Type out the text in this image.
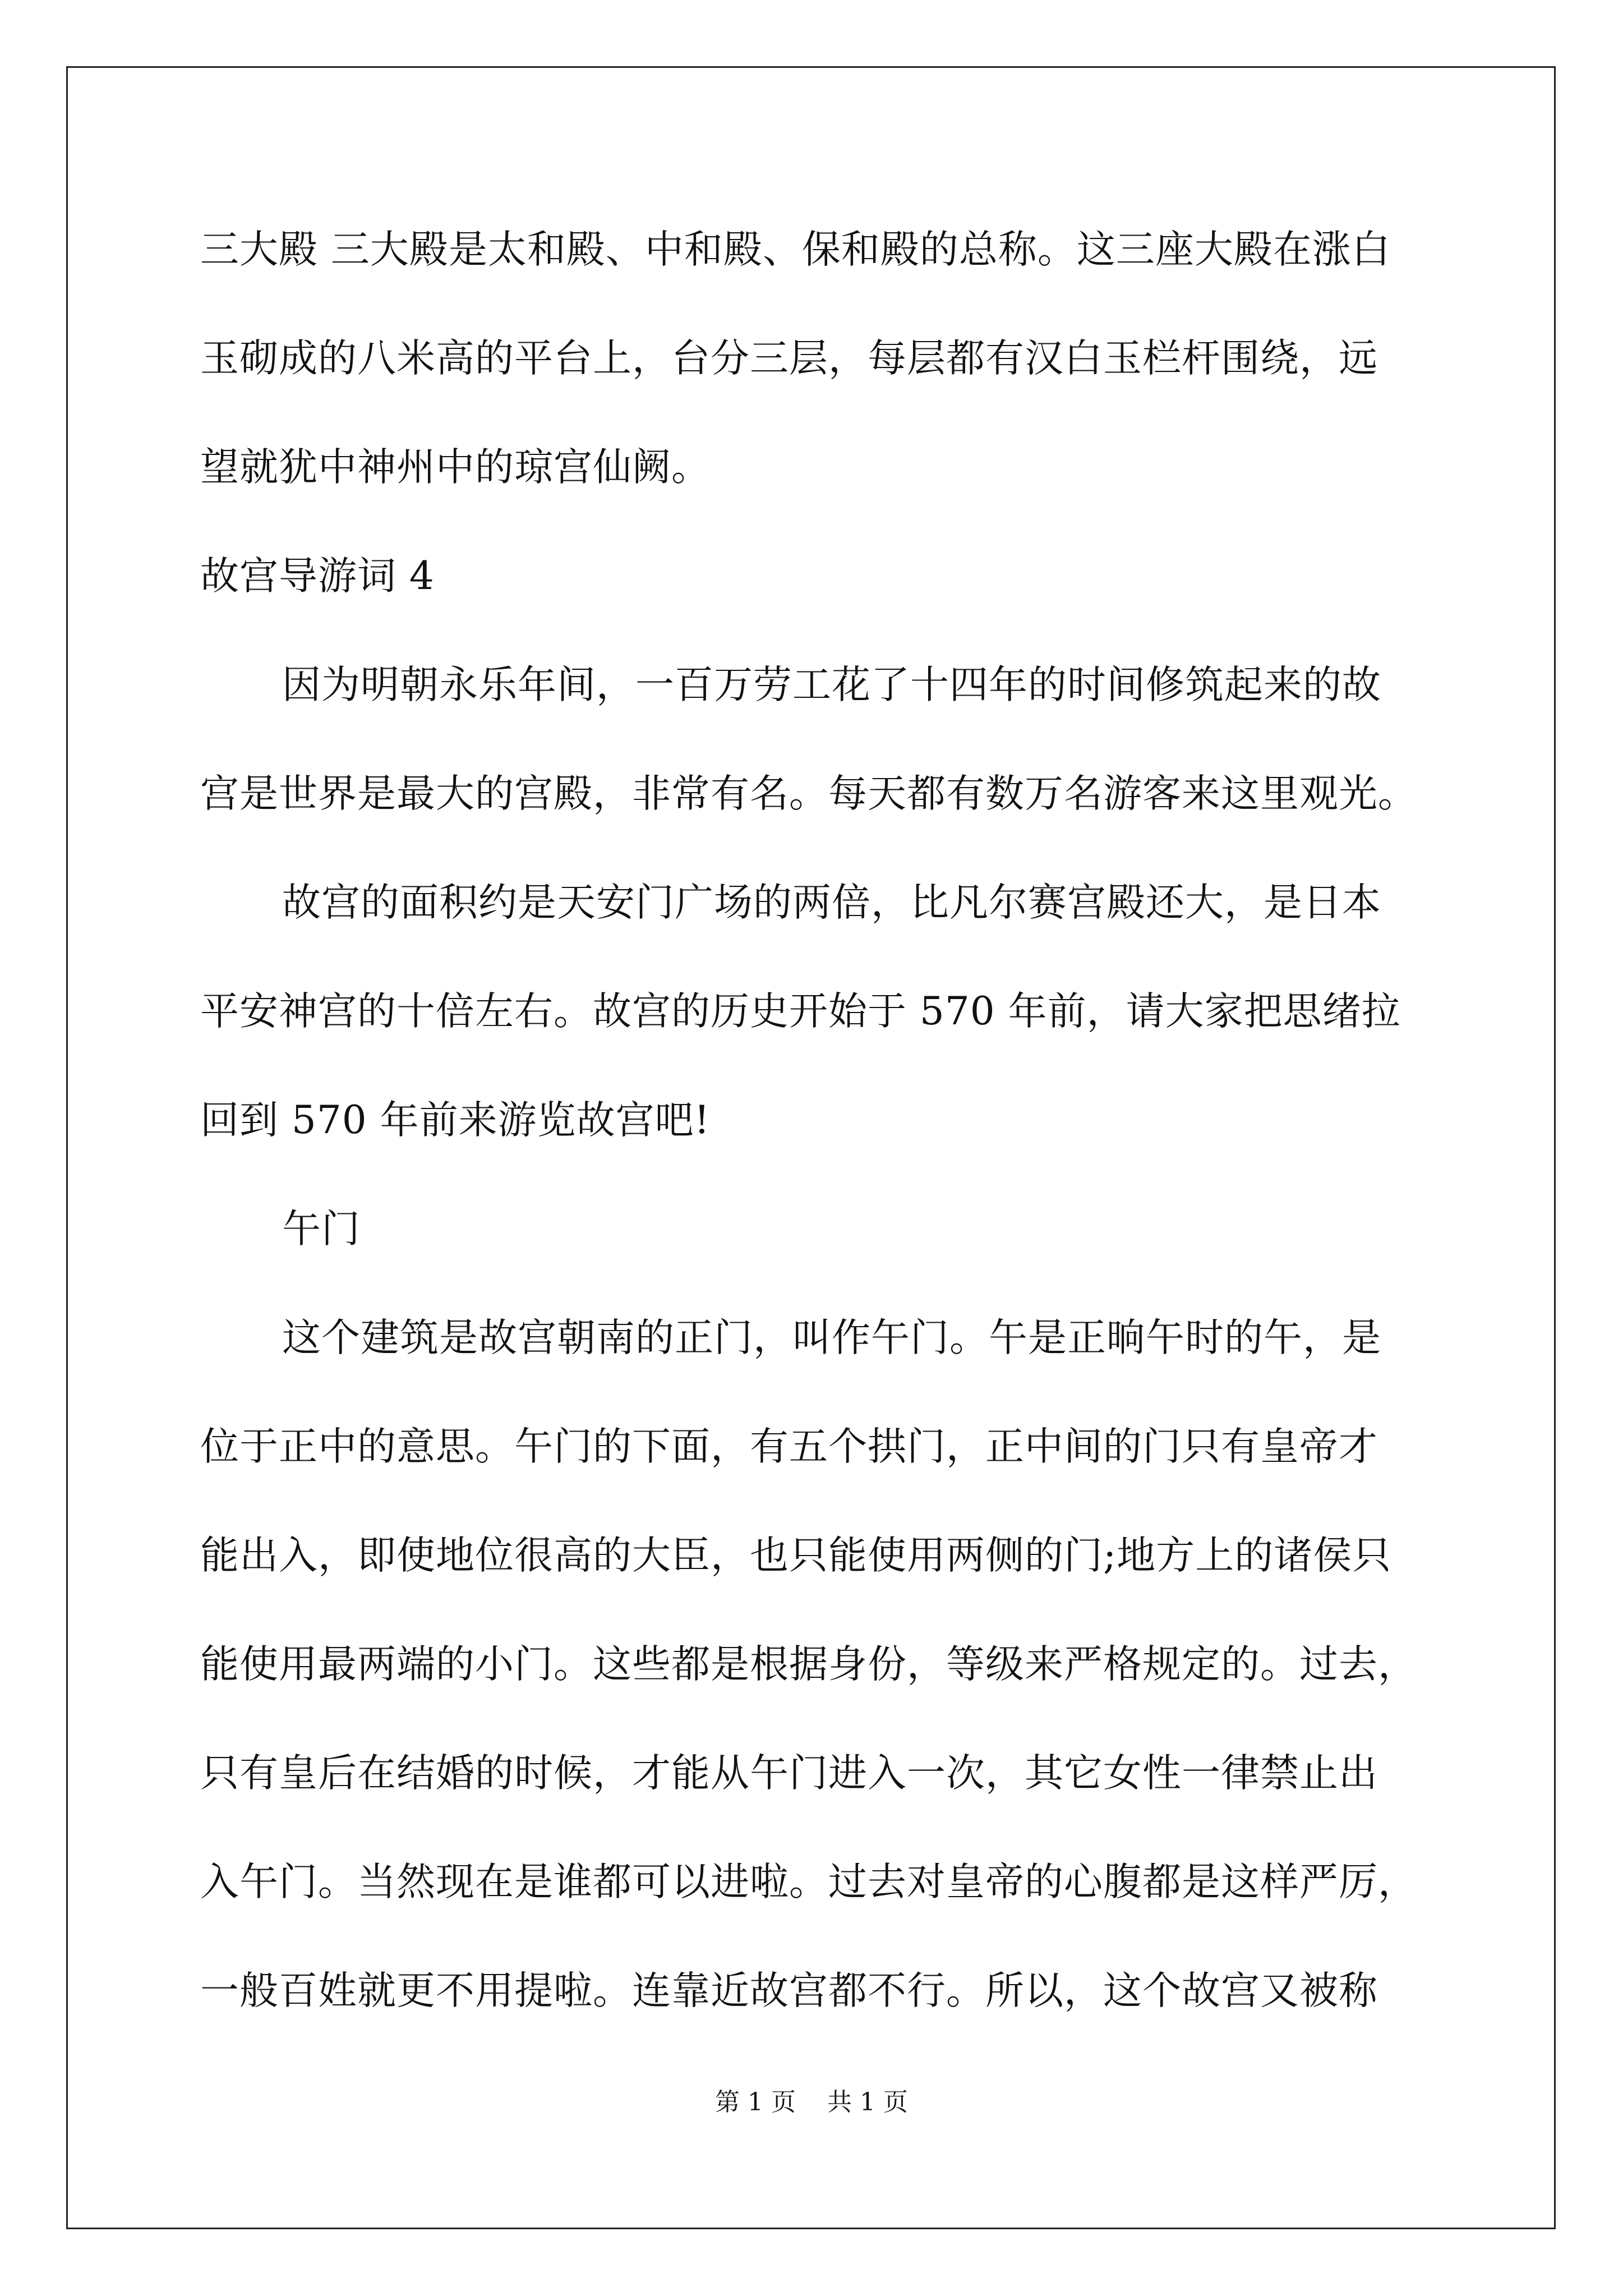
三大殿 三大殿是太和殿、中和殿、保和殿的总称。这三座大殿在涨白
玉砌成的八米高的平台上，台分三层，每层都有汉白玉栏杆围绕，远
望就犹中神州中的琼宫仙阙。
故宫导游词 4
因为明朝永乐年间，一百万劳工花了十四年的时间修筑起来的故
宫是世界是最大的宫殿，非常有名。每天都有数万名游客来这里观光。
故宫的面积约是天安门广场的两倍，比凡尔赛宫殿还大，是日本
平安神宫的十倍左右。故宫的历史开始于 570 年前，请大家把思绪拉
回到 570 年前来游览故宫吧!
午门
这个建筑是故宫朝南的正门，叫作午门。午是正晌午时的午，是
位于正中的意思。午门的下面，有五个拱门，正中间的门只有皇帝才
能出入，即使地位很高的大臣，也只能使用两侧的门;地方上的诸侯只
能使用最两端的小门。这些都是根据身份，等级来严格规定的。过去，
只有皇后在结婚的时候，才能从午门进入一次，其它女性一律禁止出
入午门。当然现在是谁都可以进啦。过去对皇帝的心腹都是这样严厉，
一般百姓就更不用提啦。连靠近故宫都不行。所以，这个故宫又被称
第 1 页    共 1 页
